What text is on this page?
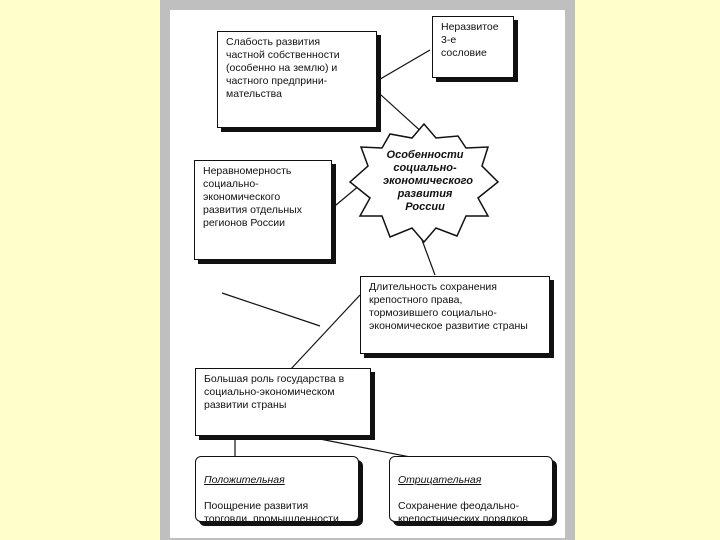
Слабость развития
частной собственности
(особенно на землю) и
частного предприни-
мательства
Неразвитое
3-е
сословие
Особенности
социально-
экономического
развития России
Неравномерность
социально-
экономического
развития отдельных
регионов России
Длительность сохранения
крепостного права,
тормозившего социально-
экономическое развитие страны
Большая роль государства в
социально-экономическом
развитии страны

Положительная

Поощрение развития
торговли, промышленности

Отрицательная

Сохранение феодально-
крепостнических порядков
